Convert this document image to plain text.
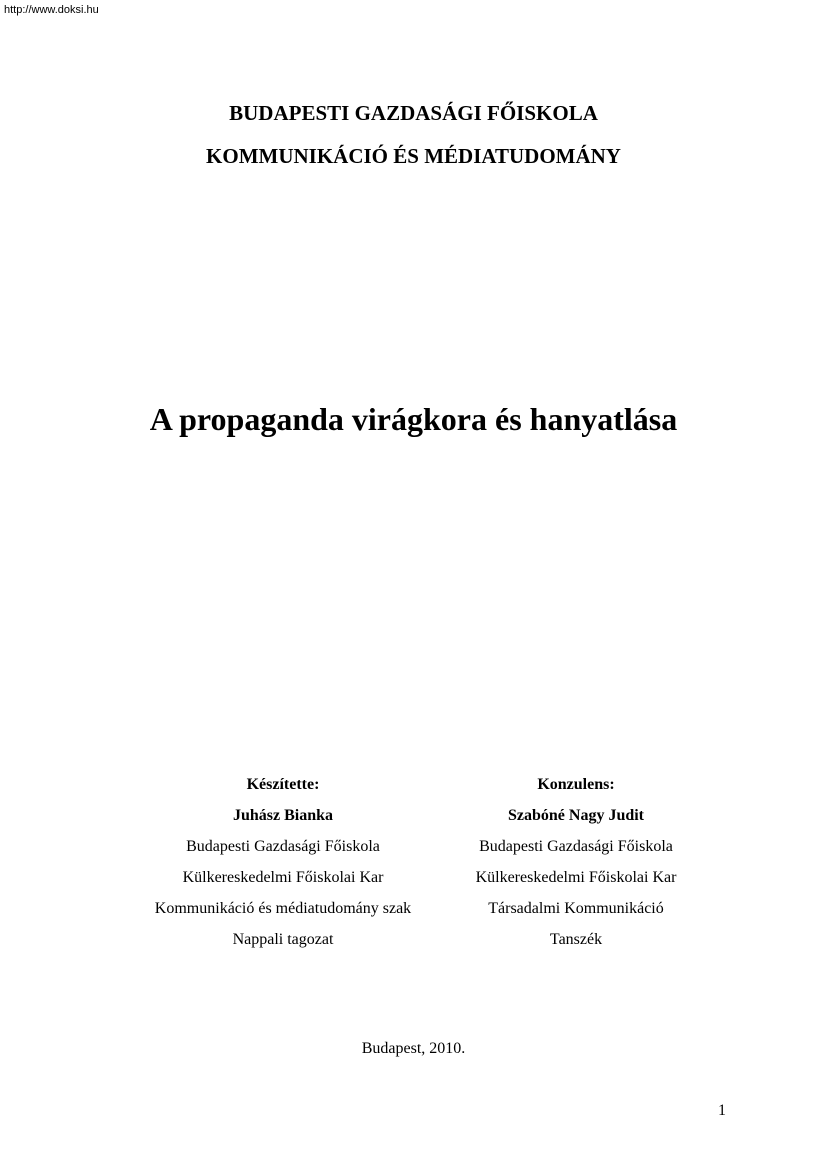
http://www.doksi.hu
BUDAPESTI GAZDASÁGI FŐISKOLA
KOMMUNIKÁCIÓ ÉS MÉDIATUDOMÁNY
A propaganda virágkora és hanyatlása
Készítette:
Juhász Bianka
Budapesti Gazdasági Főiskola
Külkereskedelmi Főiskolai Kar
Kommunikáció és médiatudomány szak
Nappali tagozat
Konzulens:
Szabóné Nagy Judit
Budapesti Gazdasági Főiskola
Külkereskedelmi Főiskolai Kar
Társadalmi Kommunikáció
Tanszék
Budapest, 2010.
1
